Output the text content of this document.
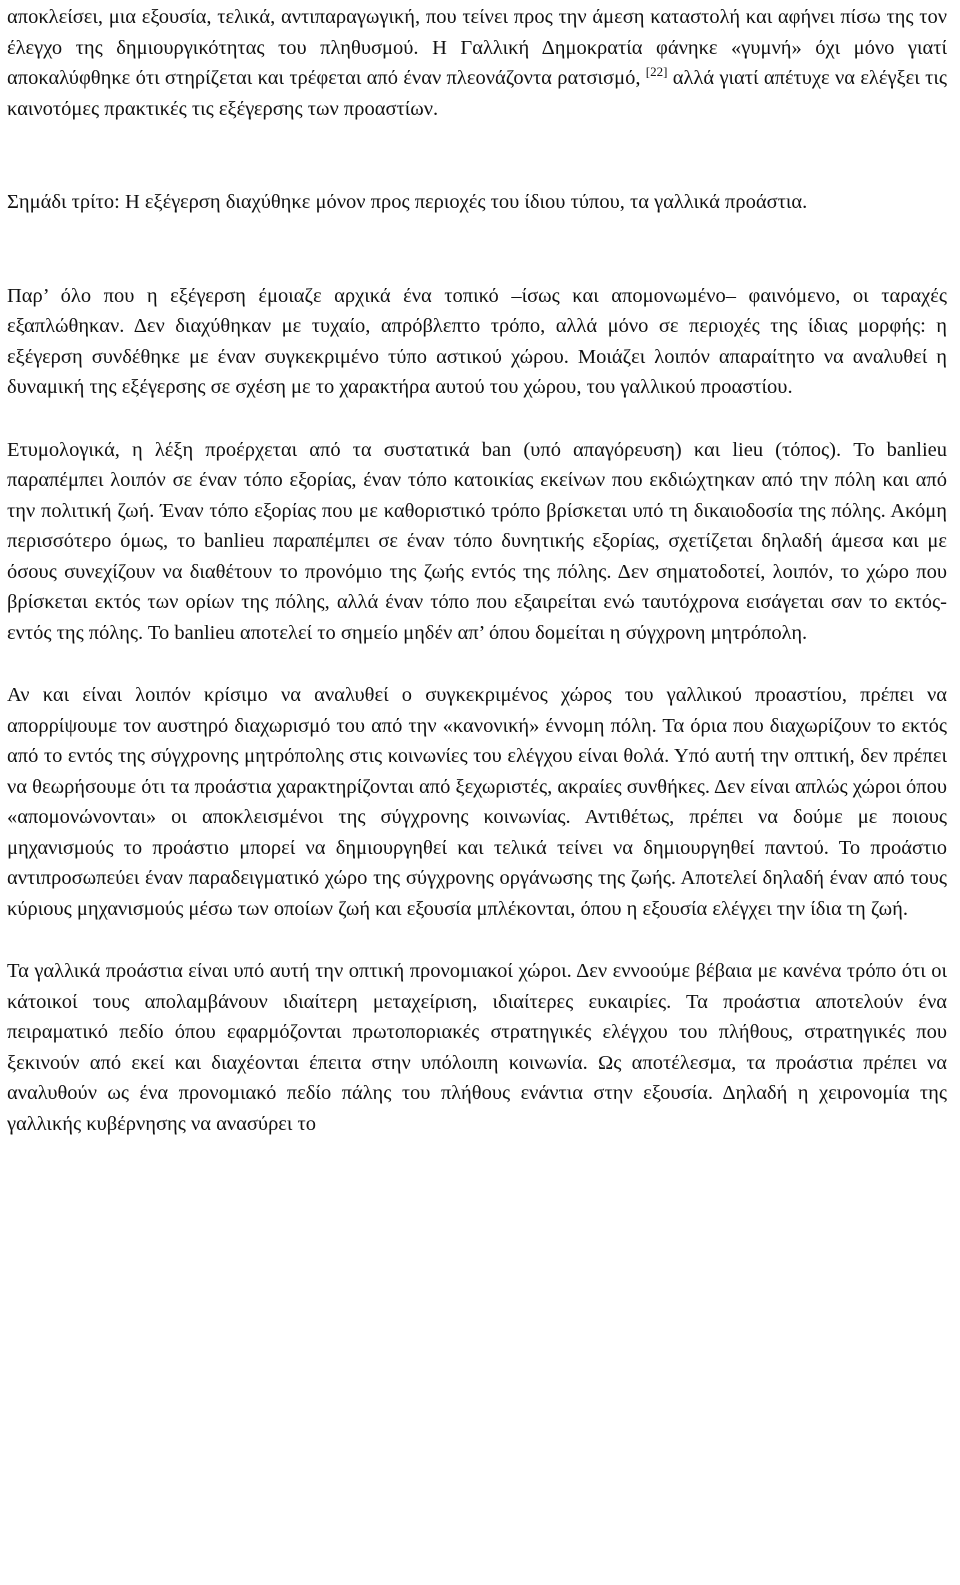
αποκλείσει, μια εξουσία, τελικά, αντιπαραγωγική, που τείνει προς την άμεση καταστολή και αφήνει πίσω της τον έλεγχο της δημιουργικότητας του πληθυσμού. Η Γαλλική Δημοκρατία φάνηκε «γυμνή» όχι μόνο γιατί αποκαλύφθηκε ότι στηρίζεται και τρέφεται από έναν πλεονάζοντα ρατσισμό, [22] αλλά γιατί απέτυχε να ελέγξει τις καινοτόμες πρακτικές τις εξέγερσης των προαστίων.

Σημάδι τρίτο: Η εξέγερση διαχύθηκε μόνον προς περιοχές του ίδιου τύπου, τα γαλλικά προάστια.

Παρ’ όλο που η εξέγερση έμοιαζε αρχικά ένα τοπικό –ίσως και απομονωμένο– φαινόμενο, οι ταραχές εξαπλώθηκαν. Δεν διαχύθηκαν με τυχαίο, απρόβλεπτο τρόπο, αλλά μόνο σε περιοχές της ίδιας μορφής: η εξέγερση συνδέθηκε με έναν συγκεκριμένο τύπο αστικού χώρου. Μοιάζει λοιπόν απαραίτητο να αναλυθεί η δυναμική της εξέγερσης σε σχέση με το χαρακτήρα αυτού του χώρου, του γαλλικού προαστίου.

Ετυμολογικά, η λέξη προέρχεται από τα συστατικά ban (υπό απαγόρευση) και lieu (τόπος). Το banlieu παραπέμπει λοιπόν σε έναν τόπο εξορίας, έναν τόπο κατοικίας εκείνων που εκδιώχτηκαν από την πόλη και από την πολιτική ζωή. Έναν τόπο εξορίας που με καθοριστικό τρόπο βρίσκεται υπό τη δικαιοδοσία της πόλης. Ακόμη περισσότερο όμως, το banlieu παραπέμπει σε έναν τόπο δυνητικής εξορίας, σχετίζεται δηλαδή άμεσα και με όσους συνεχίζουν να διαθέτουν το προνόμιο της ζωής εντός της πόλης. Δεν σηματοδοτεί, λοιπόν, το χώρο που βρίσκεται εκτός των ορίων της πόλης, αλλά έναν τόπο που εξαιρείται ενώ ταυτόχρονα εισάγεται σαν το εκτός-εντός της πόλης. Το banlieu αποτελεί το σημείο μηδέν απ’ όπου δομείται η σύγχρονη μητρόπολη.

Αν και είναι λοιπόν κρίσιμο να αναλυθεί ο συγκεκριμένος χώρος του γαλλικού προαστίου, πρέπει να απορρίψουμε τον αυστηρό διαχωρισμό του από την «κανονική» έννομη πόλη. Τα όρια που διαχωρίζουν το εκτός από το εντός της σύγχρονης μητρόπολης στις κοινωνίες του ελέγχου είναι θολά. Υπό αυτή την οπτική, δεν πρέπει να θεωρήσουμε ότι τα προάστια χαρακτηρίζονται από ξεχωριστές, ακραίες συνθήκες. Δεν είναι απλώς χώροι όπου «απομονώνονται» οι αποκλεισμένοι της σύγχρονης κοινωνίας. Αντιθέτως, πρέπει να δούμε με ποιους μηχανισμούς το προάστιο μπορεί να δημιουργηθεί και τελικά τείνει να δημιουργηθεί παντού. Το προάστιο αντιπροσωπεύει έναν παραδειγματικό χώρο της σύγχρονης οργάνωσης της ζωής. Αποτελεί δηλαδή έναν από τους κύριους μηχανισμούς μέσω των οποίων ζωή και εξουσία μπλέκονται, όπου η εξουσία ελέγχει την ίδια τη ζωή.

Τα γαλλικά προάστια είναι υπό αυτή την οπτική προνομιακοί χώροι. Δεν εννοούμε βέβαια με κανένα τρόπο ότι οι κάτοικοί τους απολαμβάνουν ιδιαίτερη μεταχείριση, ιδιαίτερες ευκαιρίες. Τα προάστια αποτελούν ένα πειραματικό πεδίο όπου εφαρμόζονται πρωτοποριακές στρατηγικές ελέγχου του πλήθους, στρατηγικές που ξεκινούν από εκεί και διαχέονται έπειτα στην υπόλοιπη κοινωνία. Ως αποτέλεσμα, τα προάστια πρέπει να αναλυθούν ως ένα προνομιακό πεδίο πάλης του πλήθους ενάντια στην εξουσία. Δηλαδή η χειρονομία της γαλλικής κυβέρνησης να ανασύρει το
